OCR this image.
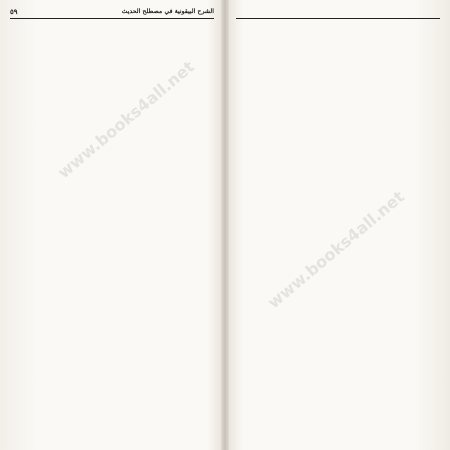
الشرح البيقونية في مصطلح الحديث
٥٩
www.books4all.net
www.books4all.net
